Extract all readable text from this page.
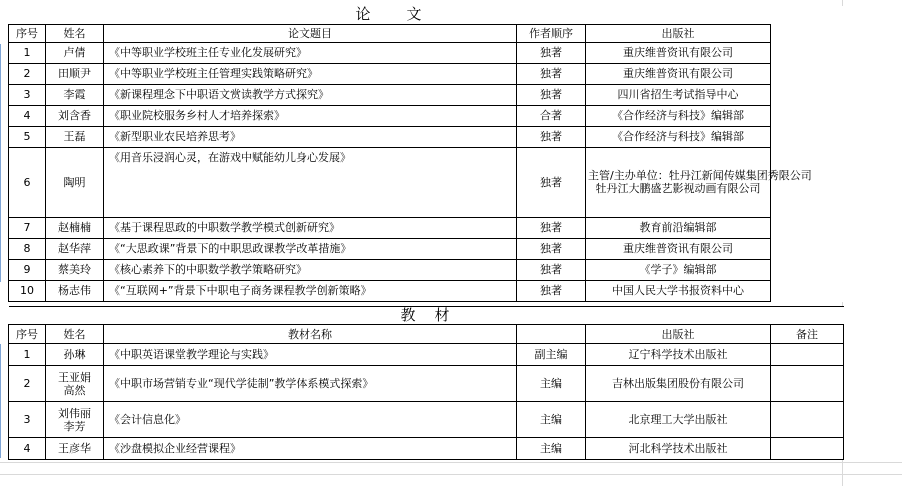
论　　文					
序号	姓名	论文题目	作者顺序	出版社	
1	卢倩	《中等职业学校班主任专业化发展研究》	独著	重庆维普资讯有限公司	
2	田顺尹	《中等职业学校班主任管理实践策略研究》	独著	重庆维普资讯有限公司	
3	李霞	《新课程理念下中职语文赏读教学方式探究》	独著	四川省招生考试指导中心	
4	刘含香	《职业院校服务乡村人才培养探索》	合著	《合作经济与科技》编辑部	
5	王磊	《新型职业农民培养思考》	独著	《合作经济与科技》编辑部	
6	陶明	《用音乐浸润心灵，在游戏中赋能幼儿身心发展》	独著	主管/主办单位：牡丹江新闻传媒集团秀限公司
牡丹江大鹏盛艺影视动画有限公司	

7	赵楠楠	《基于课程思政的中职数学教学模式创新研究》	独著	教育前沿编辑部	
8	赵华萍	《“大思政课”背景下的中职思政课教学改革措施》	独著	重庆维普资讯有限公司	
9	蔡美玲	《核心素养下的中职数学教学策略研究》	独著	《学子》编辑部	
10	杨志伟	《“互联网+”背景下中职电子商务课程教学创新策略》	独著	中国人民大学书报资料中心	
教　材					
序号	姓名	教材名称		出版社	备注
1	孙琳	《中职英语课堂教学理论与实践》	副主编	辽宁科学技术出版社	
2	王亚娟
高然	《中职市场营销专业“现代学徒制”教学体系模式探索》	主编	吉林出版集团股份有限公司	
3	刘伟丽
李芳	《会计信息化》	主编	北京理工大学出版社	
4	王彦华	《沙盘模拟企业经营课程》	主编	河北科学技术出版社	
